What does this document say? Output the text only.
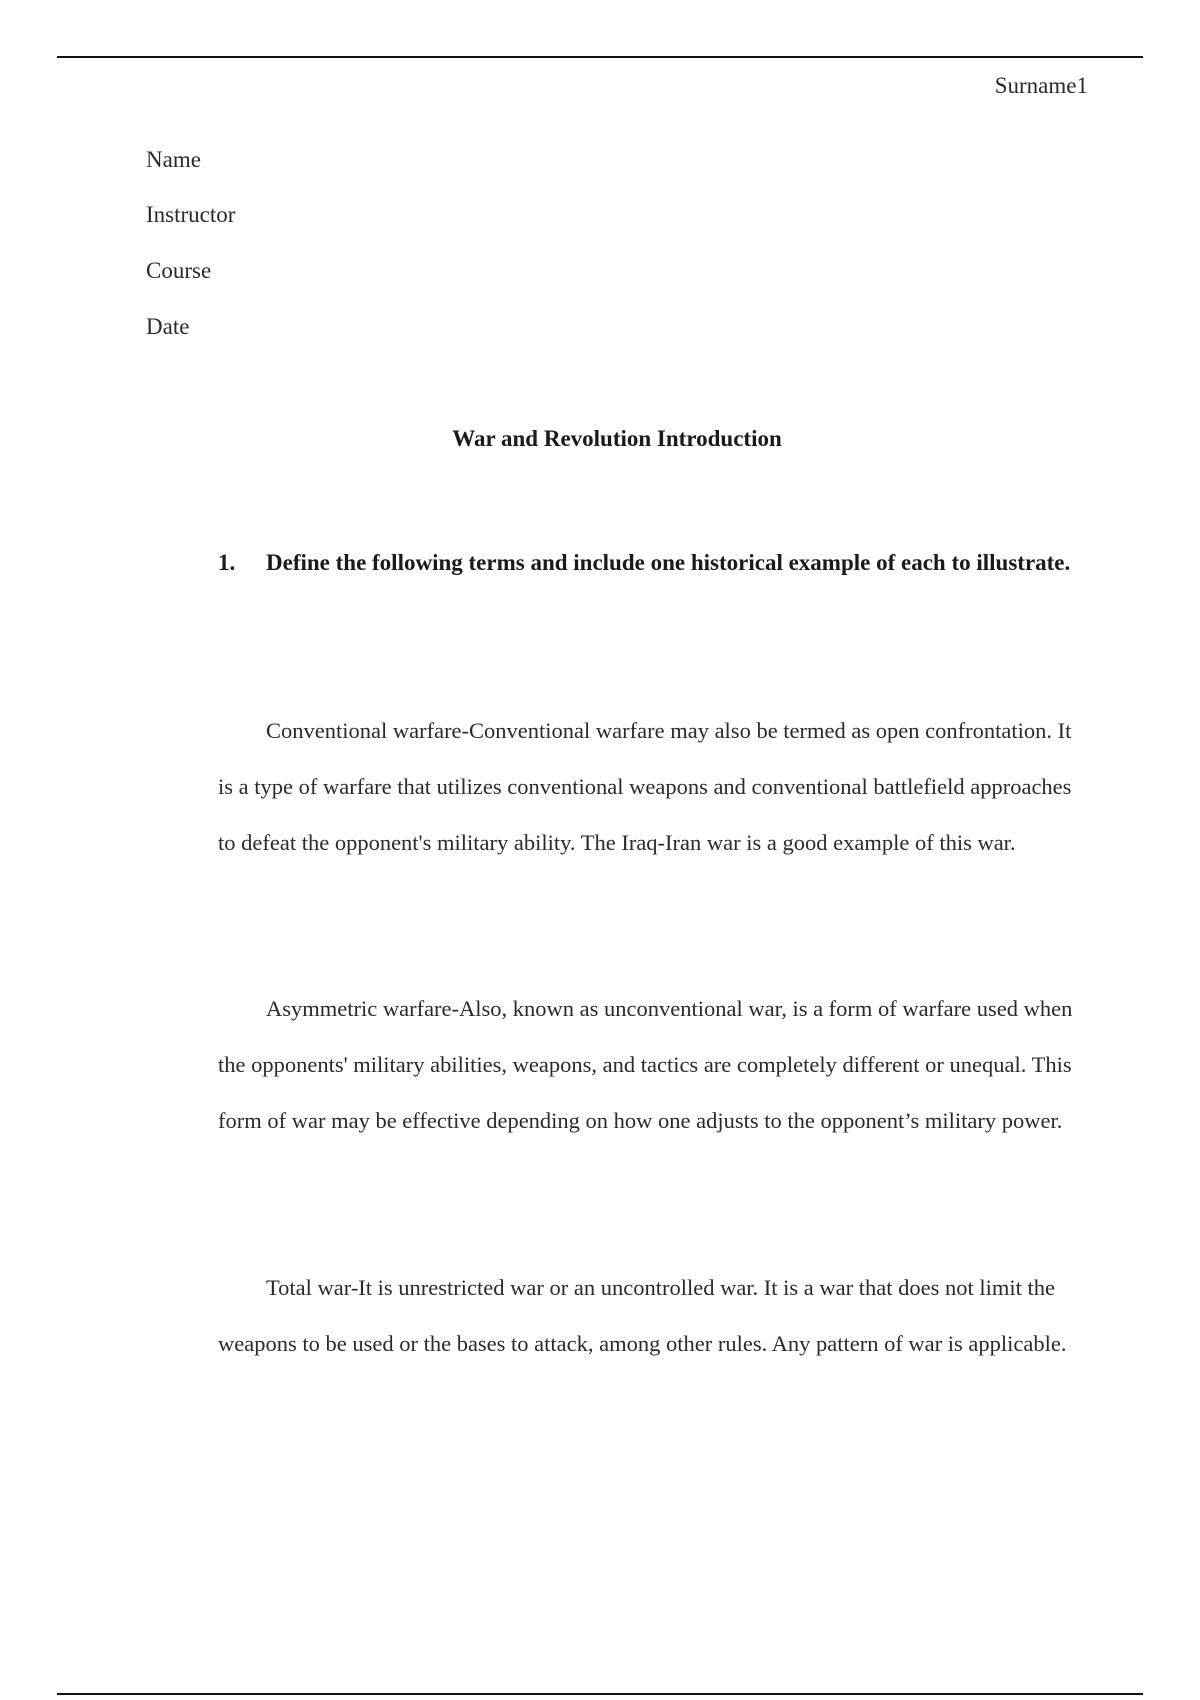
Surname1
Name
Instructor
Course
Date
War and Revolution Introduction
1. Define the following terms and include one historical example of each to illustrate.

Conventional warfare-Conventional warfare may also be termed as open confrontation. It is a type of warfare that utilizes conventional weapons and conventional battlefield approaches to defeat the opponent's military ability. The Iraq-Iran war is a good example of this war.

Asymmetric warfare-Also, known as unconventional war, is a form of warfare used when the opponents' military abilities, weapons, and tactics are completely different or unequal. This form of war may be effective depending on how one adjusts to the opponent’s military power.

Total war-It is unrestricted war or an uncontrolled war. It is a war that does not limit the weapons to be used or the bases to attack, among other rules. Any pattern of war is applicable.
